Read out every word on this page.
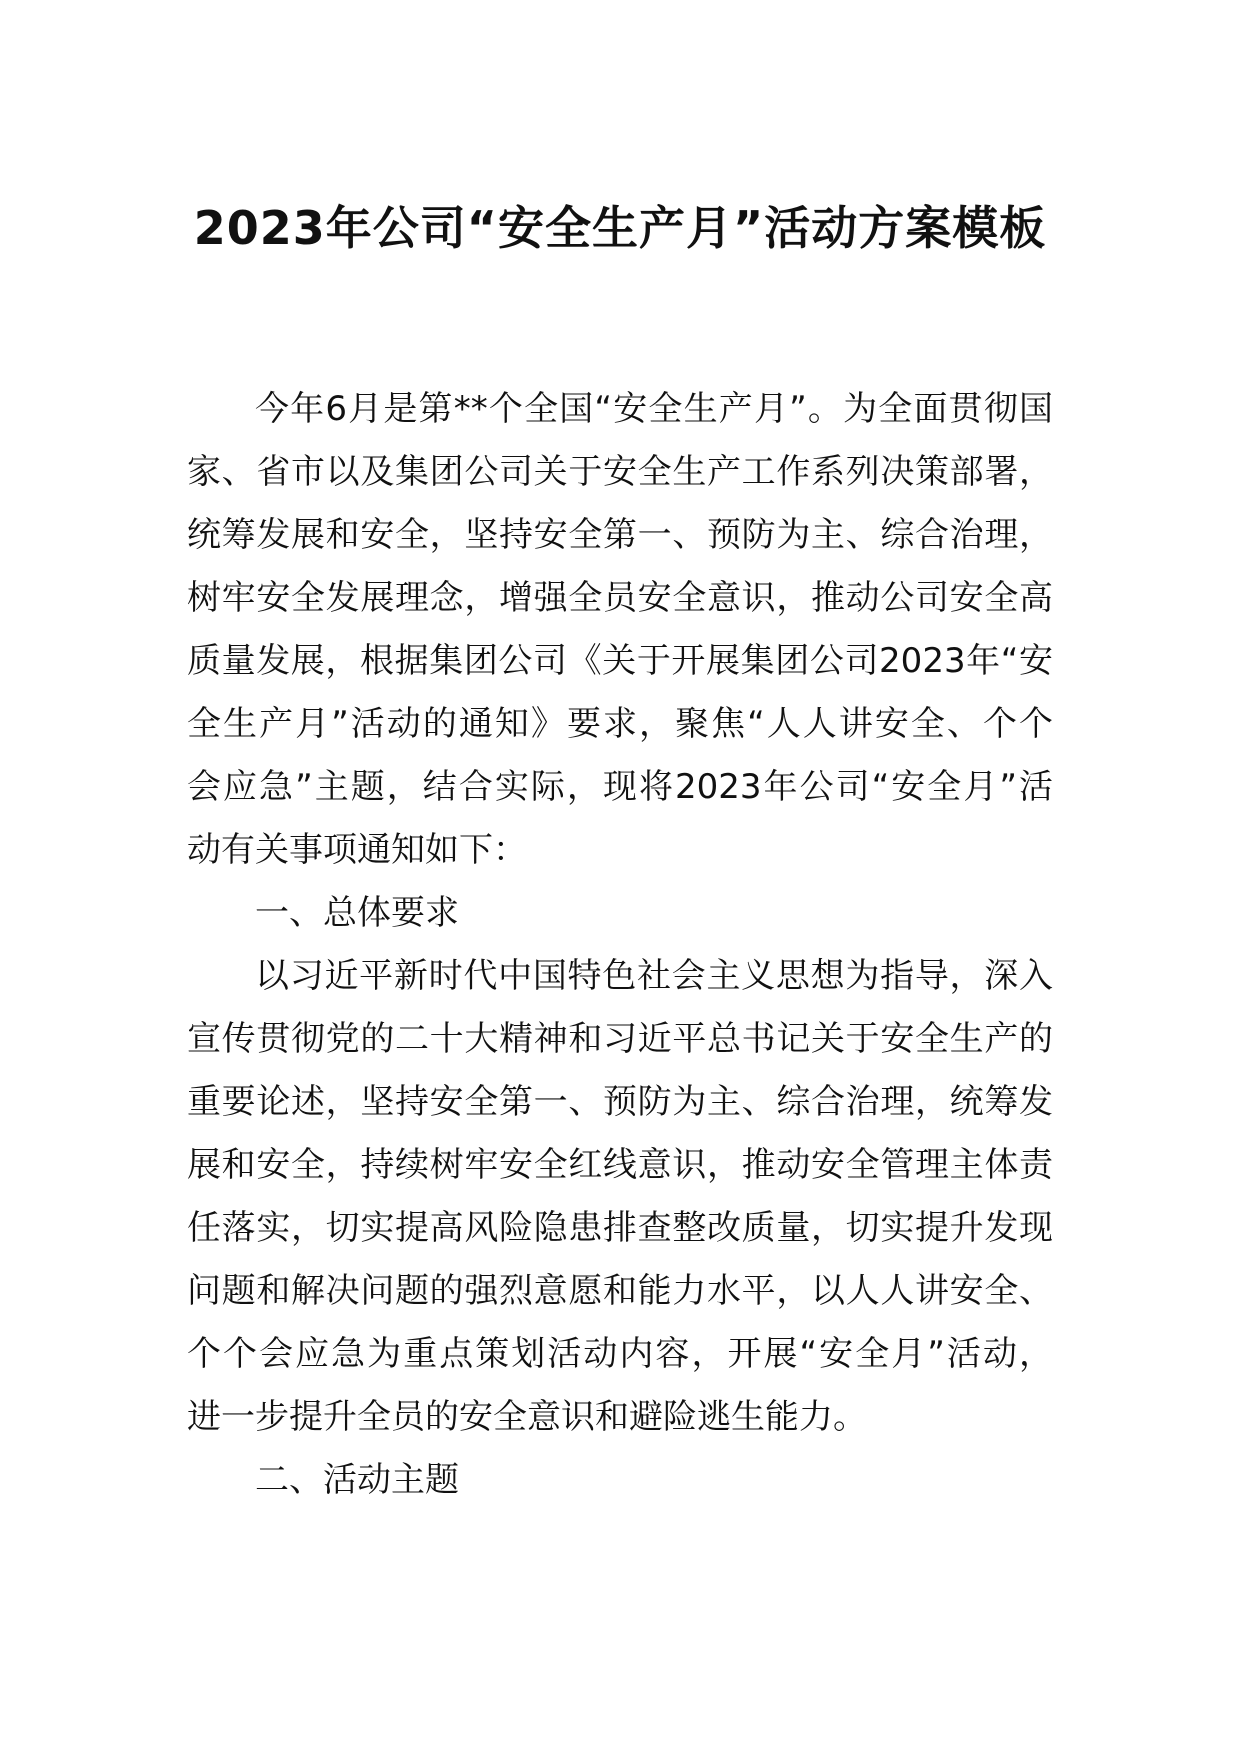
2023年公司“安全生产月”活动方案模板
今年6月是第**个全国“安全生产月”。为全面贯彻国
家、省市以及集团公司关于安全生产工作系列决策部署，
统筹发展和安全，坚持安全第一、预防为主、综合治理，
树牢安全发展理念，增强全员安全意识，推动公司安全高
质量发展，根据集团公司《关于开展集团公司2023年“安
全生产月”活动的通知》要求，聚焦“人人讲安全、个个
会应急”主题，结合实际，现将2023年公司“安全月”活
动有关事项通知如下：
一、总体要求
以习近平新时代中国特色社会主义思想为指导，深入
宣传贯彻党的二十大精神和习近平总书记关于安全生产的
重要论述，坚持安全第一、预防为主、综合治理，统筹发
展和安全，持续树牢安全红线意识，推动安全管理主体责
任落实，切实提高风险隐患排查整改质量，切实提升发现
问题和解决问题的强烈意愿和能力水平，以人人讲安全、
个个会应急为重点策划活动内容，开展“安全月”活动，
进一步提升全员的安全意识和避险逃生能力。
二、活动主题
